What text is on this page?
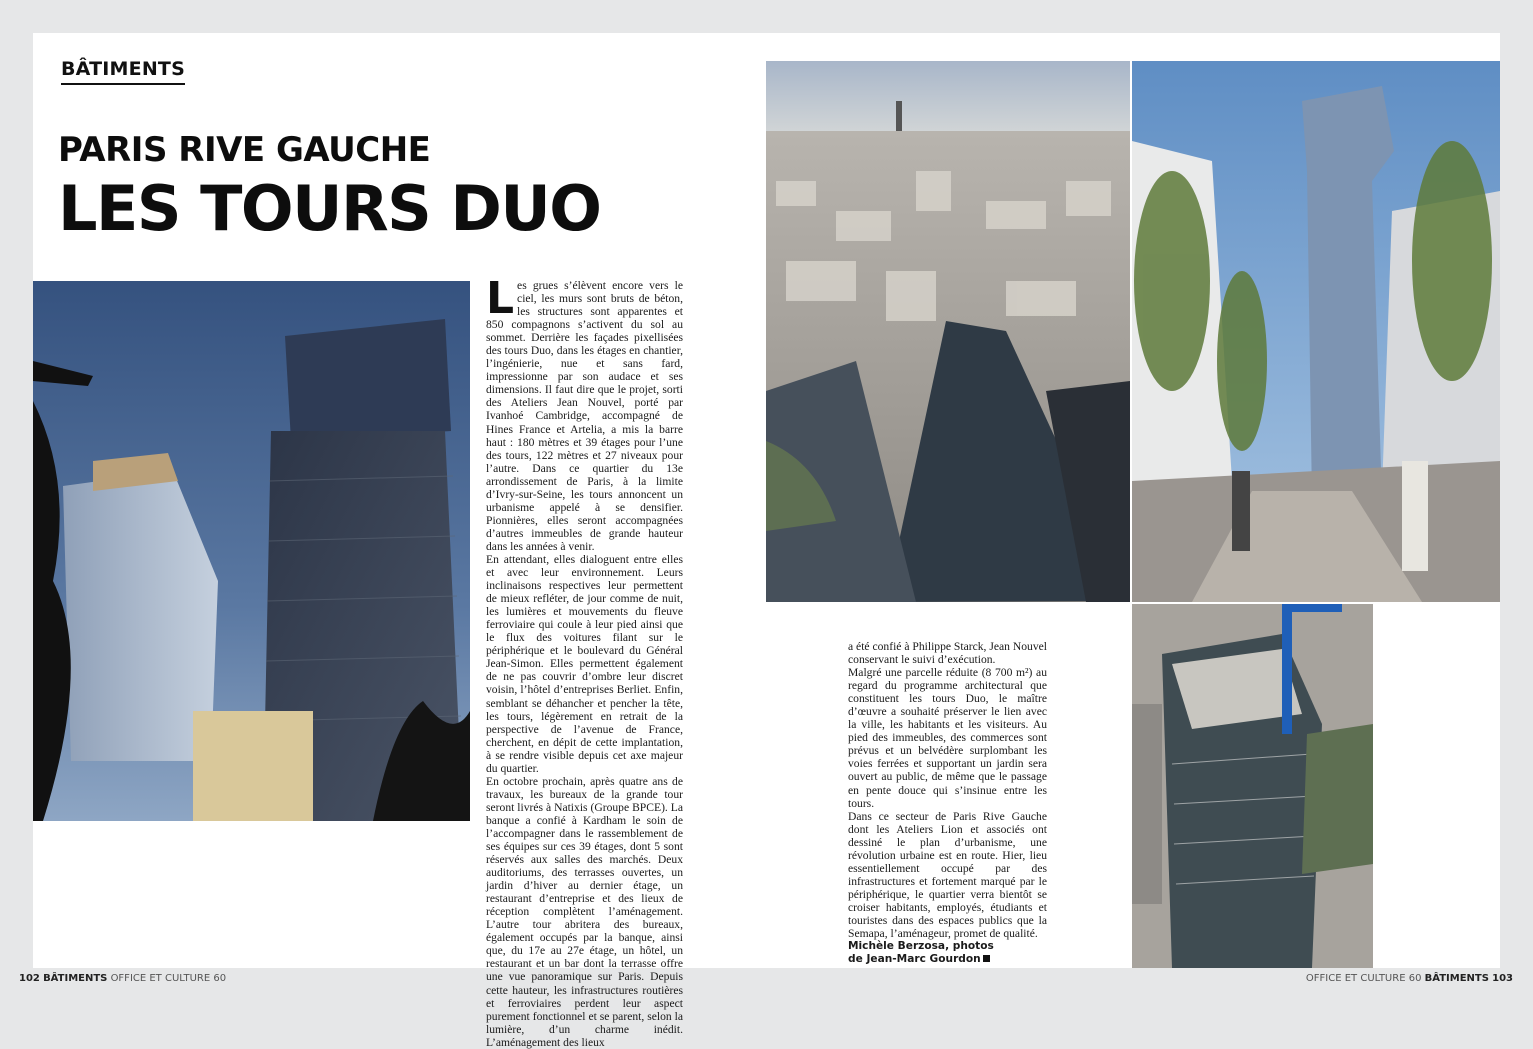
BÂTIMENTS
PARIS RIVE GAUCHE
LES TOURS DUO

Les grues s’élèvent encore vers le ciel, les murs sont bruts de béton, les structures sont apparentes et 850 compagnons s’activent du sol au sommet. Derrière les façades pixellisées des tours Duo, dans les étages en chantier, l’ingénierie, nue et sans fard, impressionne par son audace et ses dimensions. Il faut dire que le projet, sorti des Ateliers Jean Nouvel, porté par Ivanhoé Cambridge, accompagné de Hines France et Artelia, a mis la barre haut : 180 mètres et 39 étages pour l’une des tours, 122 mètres et 27 niveaux pour l’autre. Dans ce quartier du 13e arrondissement de Paris, à la limite d’Ivry-sur-Seine, les tours annoncent un urbanisme appelé à se densifier. Pionnières, elles seront accompagnées d’autres immeubles de grande hauteur dans les années à venir.

En attendant, elles dialoguent entre elles et avec leur environnement. Leurs inclinaisons respectives leur permettent de mieux refléter, de jour comme de nuit, les lumières et mouvements du fleuve ferroviaire qui coule à leur pied ainsi que le flux des voitures filant sur le périphérique et le boulevard du Général Jean-Simon. Elles permettent également de ne pas couvrir d’ombre leur discret voisin, l’hôtel d’entreprises Berliet. Enfin, semblant se déhancher et pencher la tête, les tours, légèrement en retrait de la perspective de l’avenue de France, cherchent, en dépit de cette implantation, à se rendre visible depuis cet axe majeur du quartier.

En octobre prochain, après quatre ans de travaux, les bureaux de la grande tour seront livrés à Natixis (Groupe BPCE). La banque a confié à Kardham le soin de l’accompagner dans le rassemblement de ses équipes sur ces 39 étages, dont 5 sont réservés aux salles des marchés. Deux auditoriums, des terrasses ouvertes, un jardin d’hiver au dernier étage, un restaurant d’entreprise et des lieux de réception complètent l’aménagement. L’autre tour abritera des bureaux, également occupés par la banque, ainsi que, du 17e au 27e étage, un hôtel, un restaurant et un bar dont la terrasse offre une vue panoramique sur Paris. Depuis cette hauteur, les infrastructures routières et ferroviaires perdent leur aspect purement fonctionnel et se parent, selon la lumière, d’un charme inédit. L’aménagement des lieux

a été confié à Philippe Starck, Jean Nouvel conservant le suivi d’exécution.

Malgré une parcelle réduite (8 700 m²) au regard du programme architectural que constituent les tours Duo, le maître d’œuvre a souhaité préserver le lien avec la ville, les habitants et les visiteurs. Au pied des immeubles, des commerces sont prévus et un belvédère surplombant les voies ferrées et supportant un jardin sera ouvert au public, de même que le passage en pente douce qui s’insinue entre les tours.

Dans ce secteur de Paris Rive Gauche dont les Ateliers Lion et associés ont dessiné le plan d’urbanisme, une révolution urbaine est en route. Hier, lieu essentiellement occupé par des infrastructures et fortement marqué par le périphérique, le quartier verra bientôt se croiser habitants, employés, étudiants et touristes dans des espaces publics que la Semapa, l’aménageur, promet de qualité.

Michèle Berzosa, photos
de Jean-Marc Gourdon
102 BÂTIMENTS OFFICE ET CULTURE 60	OFFICE ET CULTURE 60 BÂTIMENTS 103
